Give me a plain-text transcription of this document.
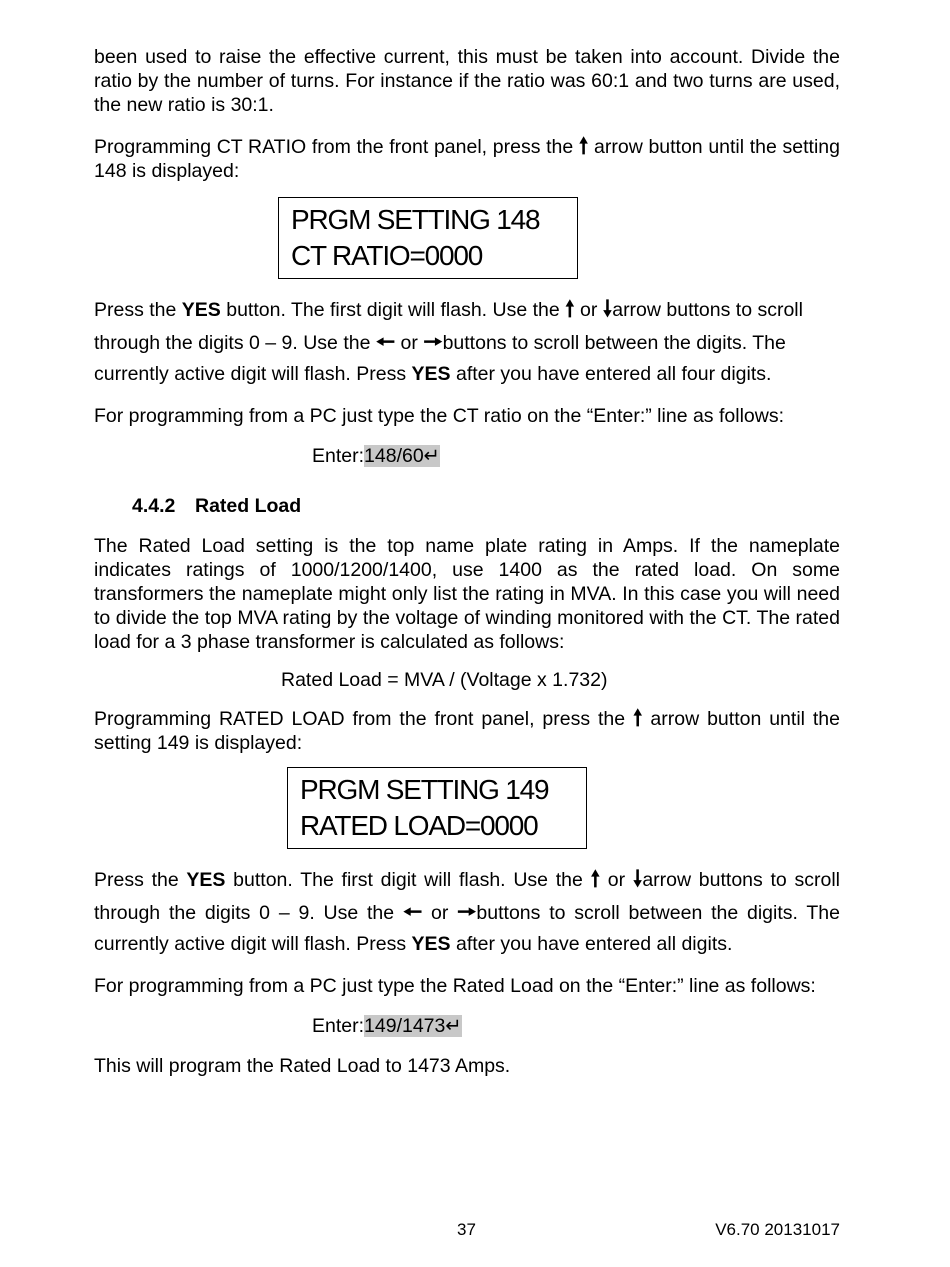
been used to raise the effective current, this must be taken into account. Divide the ratio by the number of turns. For instance if the ratio was 60:1 and two turns are used, the new ratio is 30:1.

Programming CT RATIO from the front panel, press the 🠕 arrow button until the setting 148 is displayed:

PRGM SETTING 148
CT RATIO=0000

Press the YES button. The first digit will flash. Use the 🠕 or 🠗arrow buttons to scroll through the digits 0 – 9. Use the 🠔 or 🠖buttons to scroll between the digits. The currently active digit will flash. Press YES after you have entered all four digits.

For programming from a PC just type the CT ratio on the “Enter:” line as follows:

Enter:148/60↵

4.4.2 Rated Load

The Rated Load setting is the top name plate rating in Amps. If the nameplate indicates ratings of 1000/1200/1400, use 1400 as the rated load. On some transformers the nameplate might only list the rating in MVA. In this case you will need to divide the top MVA rating by the voltage of winding monitored with the CT. The rated load for a 3 phase transformer is calculated as follows:

Rated Load = MVA / (Voltage x 1.732)

Programming RATED LOAD from the front panel, press the 🠕 arrow button until the setting 149 is displayed:

PRGM SETTING 149
RATED LOAD=0000

Press the YES button. The first digit will flash. Use the 🠕 or 🠗arrow buttons to scroll through the digits 0 – 9. Use the 🠔 or 🠖buttons to scroll between the digits. The currently active digit will flash. Press YES after you have entered all digits.

For programming from a PC just type the Rated Load on the “Enter:” line as follows:

Enter:149/1473↵

This will program the Rated Load to 1473 Amps.

37	V6.70 20131017
